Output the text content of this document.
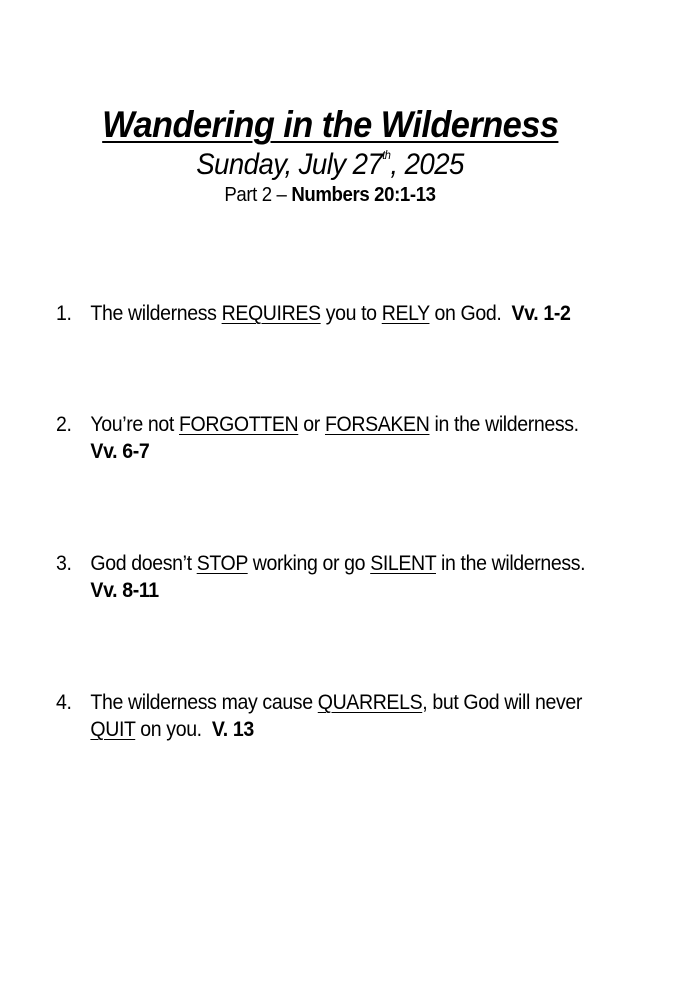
Wandering in the Wilderness
Sunday, July 27th, 2025
Part 2 – Numbers 20:1-13
1. The wilderness REQUIRES you to RELY on God. Vv. 1-2
2. You’re not FORGOTTEN or FORSAKEN in the wilderness.
Vv. 6-7
3. God doesn’t STOP working or go SILENT in the wilderness.
Vv. 8-11
4. The wilderness may cause QUARRELS, but God will never
QUIT on you. V. 13
